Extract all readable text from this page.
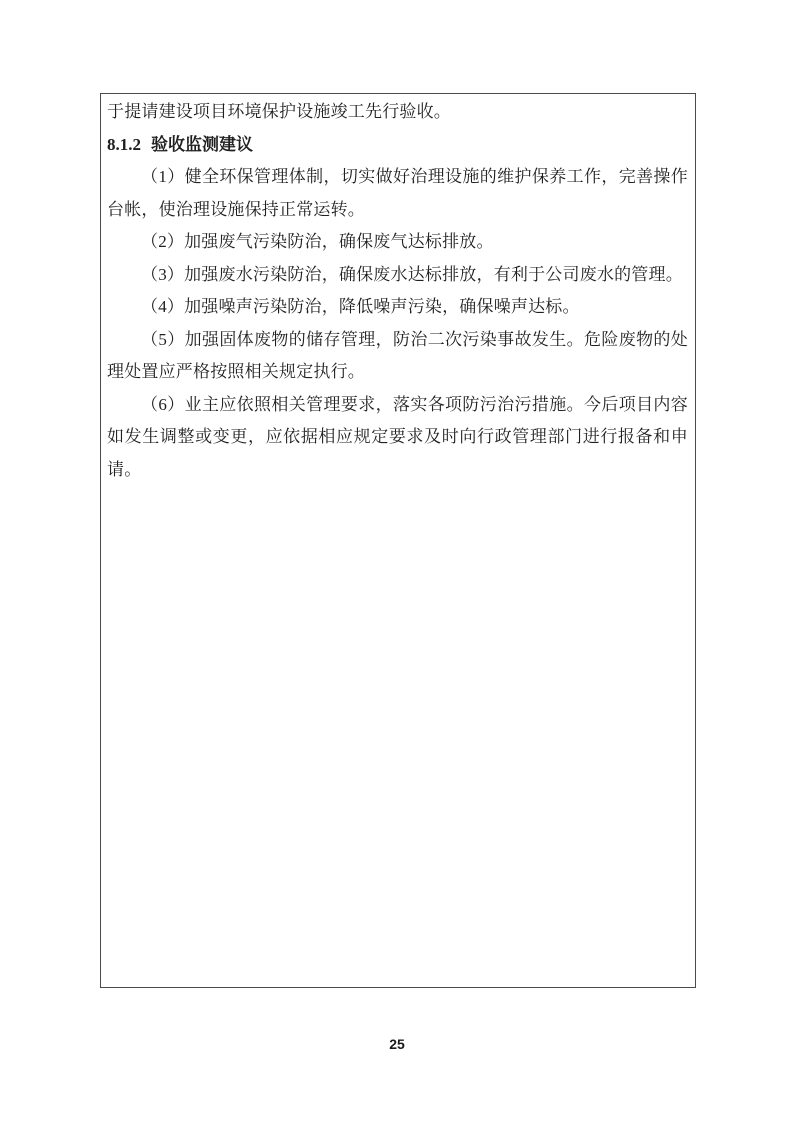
于提请建设项目环境保护设施竣工先行验收。

8.1.2 验收监测建议

（1）健全环保管理体制，切实做好治理设施的维护保养工作，完善操作台帐，使治理设施保持正常运转。

（2）加强废气污染防治，确保废气达标排放。

（3）加强废水污染防治，确保废水达标排放，有利于公司废水的管理。

（4）加强噪声污染防治，降低噪声污染，确保噪声达标。

（5）加强固体废物的储存管理，防治二次污染事故发生。危险废物的处理处置应严格按照相关规定执行。

（6）业主应依照相关管理要求，落实各项防污治污措施。今后项目内容如发生调整或变更，应依据相应规定要求及时向行政管理部门进行报备和申请。

25
